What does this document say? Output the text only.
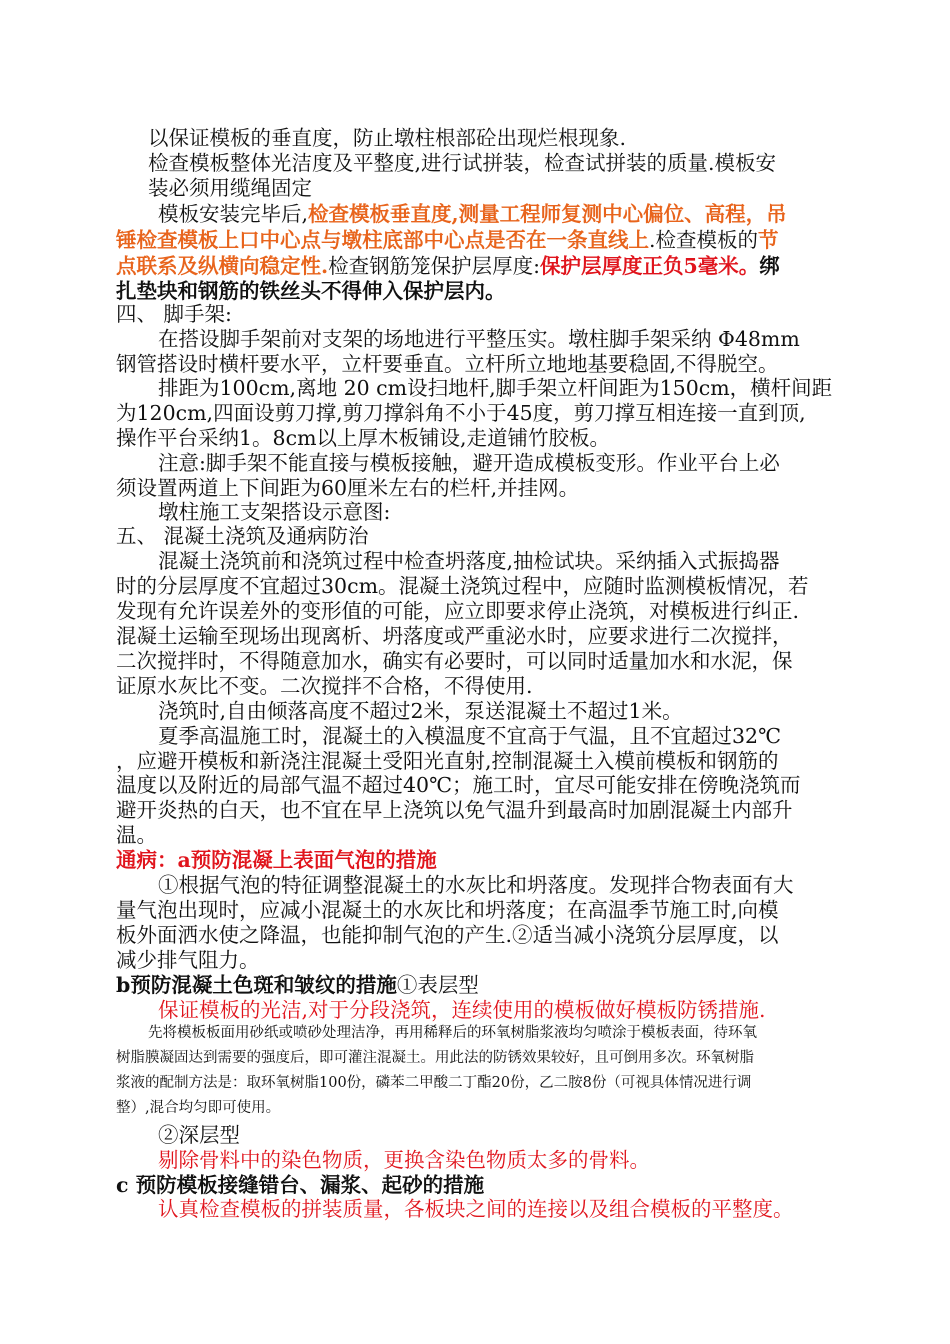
以保证模板的垂直度，防止墩柱根部砼出现烂根现象.
检查模板整体光洁度及平整度,进行试拼装，检查试拼装的质量.模板安
装必须用缆绳固定
模板安装完毕后,检查模板垂直度,测量工程师复测中心偏位、高程，吊
锤检查模板上口中心点与墩柱底部中心点是否在一条直线上.检查模板的节
点联系及纵横向稳定性.检查钢筋笼保护层厚度:保护层厚度正负5毫米。绑
扎垫块和钢筋的铁丝头不得伸入保护层内。
四、 脚手架:
在搭设脚手架前对支架的场地进行平整压实。墩柱脚手架采纳 Φ48mm
钢管搭设时横杆要水平，立杆要垂直。立杆所立地地基要稳固,不得脱空。
排距为100cm,离地 20 cm设扫地杆,脚手架立杆间距为150cm，横杆间距
为120cm,四面设剪刀撑,剪刀撑斜角不小于45度，剪刀撑互相连接一直到顶,
操作平台采纳1。8cm以上厚木板铺设,走道铺竹胶板。
注意:脚手架不能直接与模板接触，避开造成模板变形。作业平台上必
须设置两道上下间距为60厘米左右的栏杆,并挂网。
墩柱施工支架搭设示意图:
五、 混凝土浇筑及通病防治
混凝土浇筑前和浇筑过程中检查坍落度,抽检试块。采纳插入式振捣器
时的分层厚度不宜超过30cm。混凝土浇筑过程中，应随时监测模板情况，若
发现有允许误差外的变形值的可能，应立即要求停止浇筑，对模板进行纠正.
混凝土运输至现场出现离析、坍落度或严重泌水时，应要求进行二次搅拌，
二次搅拌时，不得随意加水，确实有必要时，可以同时适量加水和水泥，保
证原水灰比不变。二次搅拌不合格，不得使用.
浇筑时,自由倾落高度不超过2米，泵送混凝土不超过1米。
夏季高温施工时，混凝土的入模温度不宜高于气温，且不宜超过32℃
，应避开模板和新浇注混凝土受阳光直射,控制混凝土入模前模板和钢筋的
温度以及附近的局部气温不超过40℃；施工时，宜尽可能安排在傍晚浇筑而
避开炎热的白天，也不宜在早上浇筑以免气温升到最高时加剧混凝土内部升
温。
通病：a预防混凝上表面气泡的措施
①根据气泡的特征调整混凝土的水灰比和坍落度。发现拌合物表面有大
量气泡出现时，应减小混凝土的水灰比和坍落度；在高温季节施工时,向模
板外面洒水使之降温，也能抑制气泡的产生.②适当减小浇筑分层厚度，以
减少排气阻力。
b预防混凝土色斑和皱纹的措施①表层型
保证模板的光洁,对于分段浇筑，连续使用的模板做好模板防锈措施.
先将模板板面用砂纸或喷砂处理洁净，再用稀释后的环氧树脂浆液均匀喷涂于模板表面，待环氧
树脂膜凝固达到需要的强度后，即可灌注混凝土。用此法的防锈效果较好，且可倒用多次。环氧树脂
浆液的配制方法是：取环氧树脂100份，磷苯二甲酸二丁酯20份，乙二胺8份（可视具体情况进行调
整）,混合均匀即可使用。
②深层型
剔除骨料中的染色物质，更换含染色物质太多的骨料。
c 预防模板接缝错台、漏浆、起砂的措施
认真检查模板的拼装质量，各板块之间的连接以及组合模板的平整度。
